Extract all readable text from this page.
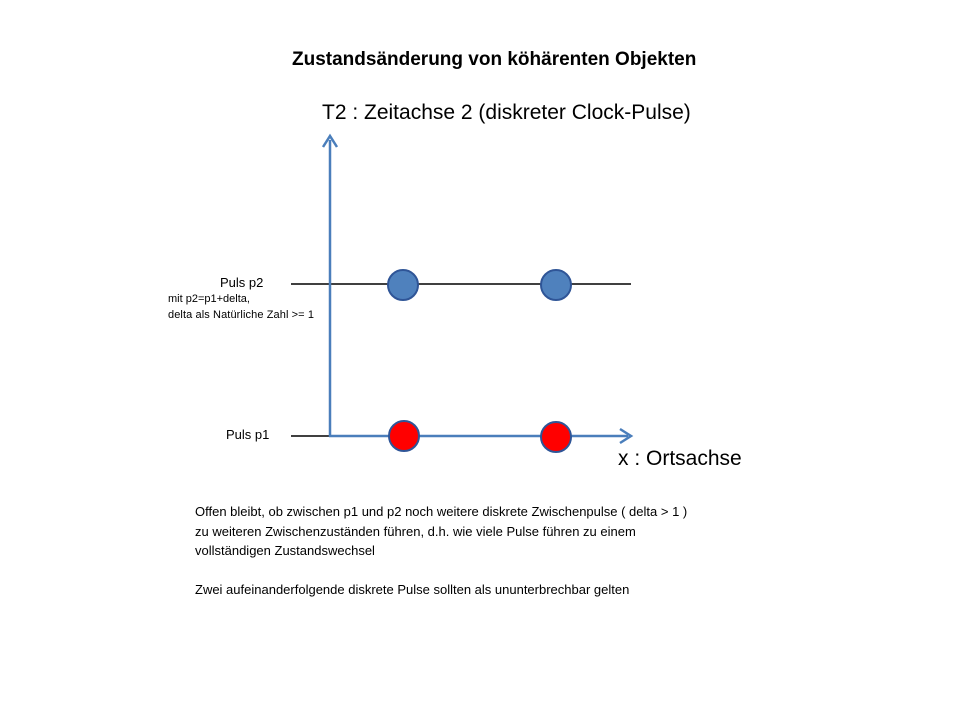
Zustandsänderung von köhärenten Objekten
T2 : Zeitachse 2 (diskreter Clock-Pulse)
x : Ortsachse
Puls p2
mit p2=p1+delta,
delta als Natürliche Zahl >= 1
Puls p1

Offen bleibt, ob zwischen p1 und p2 noch weitere diskrete Zwischenpulse ( delta > 1 )

zu weiteren Zwischenzuständen führen, d.h. wie viele Pulse führen zu einem

vollständigen Zustandswechsel

Zwei aufeinanderfolgende diskrete Pulse sollten als ununterbrechbar gelten
